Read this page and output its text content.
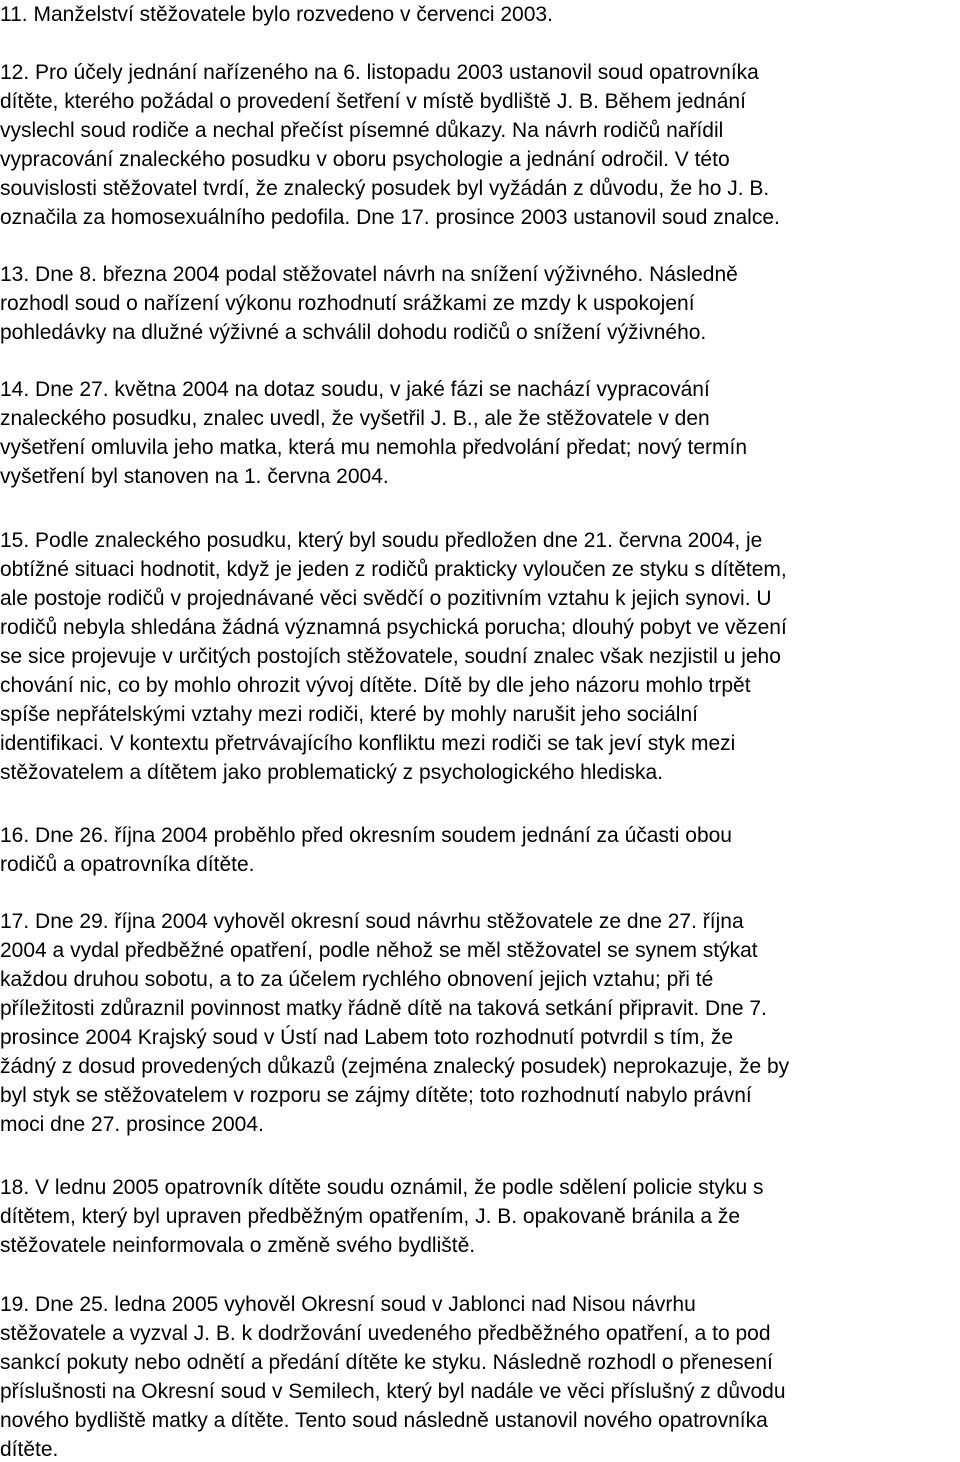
11. Manželství stěžovatele bylo rozvedeno v červenci 2003.

12. Pro účely jednání nařízeného na 6. listopadu 2003 ustanovil soud opatrovníka
dítěte, kterého požádal o provedení šetření v místě bydliště J. B. Během jednání
vyslechl soud rodiče a nechal přečíst písemné důkazy. Na návrh rodičů nařídil
vypracování znaleckého posudku v oboru psychologie a jednání odročil. V této
souvislosti stěžovatel tvrdí, že znalecký posudek byl vyžádán z důvodu, že ho J. B.
označila za homosexuálního pedofila. Dne 17. prosince 2003 ustanovil soud znalce.

13. Dne 8. března 2004 podal stěžovatel návrh na snížení výživného. Následně
rozhodl soud o nařízení výkonu rozhodnutí srážkami ze mzdy k uspokojení
pohledávky na dlužné výživné a schválil dohodu rodičů o snížení výživného.

14. Dne 27. května 2004 na dotaz soudu, v jaké fázi se nachází vypracování
znaleckého posudku, znalec uvedl, že vyšetřil J. B., ale že stěžovatele v den
vyšetření omluvila jeho matka, která mu nemohla předvolání předat; nový termín
vyšetření byl stanoven na 1. června 2004.

15. Podle znaleckého posudku, který byl soudu předložen dne 21. června 2004, je
obtížné situaci hodnotit, když je jeden z rodičů prakticky vyloučen ze styku s dítětem,
ale postoje rodičů v projednávané věci svědčí o pozitivním vztahu k jejich synovi. U
rodičů nebyla shledána žádná významná psychická porucha; dlouhý pobyt ve vězení
se sice projevuje v určitých postojích stěžovatele, soudní znalec však nezjistil u jeho
chování nic, co by mohlo ohrozit vývoj dítěte. Dítě by dle jeho názoru mohlo trpět
spíše nepřátelskými vztahy mezi rodiči, které by mohly narušit jeho sociální
identifikaci. V kontextu přetrvávajícího konfliktu mezi rodiči se tak jeví styk mezi
stěžovatelem a dítětem jako problematický z psychologického hlediska.

16. Dne 26. října 2004 proběhlo před okresním soudem jednání za účasti obou
rodičů a opatrovníka dítěte.

17. Dne 29. října 2004 vyhověl okresní soud návrhu stěžovatele ze dne 27. října
2004 a vydal předběžné opatření, podle něhož se měl stěžovatel se synem stýkat
každou druhou sobotu, a to za účelem rychlého obnovení jejich vztahu; při té
příležitosti zdůraznil povinnost matky řádně dítě na taková setkání připravit. Dne 7.
prosince 2004 Krajský soud v Ústí nad Labem toto rozhodnutí potvrdil s tím, že
žádný z dosud provedených důkazů (zejména znalecký posudek) neprokazuje, že by
byl styk se stěžovatelem v rozporu se zájmy dítěte; toto rozhodnutí nabylo právní
moci dne 27. prosince 2004.

18. V lednu 2005 opatrovník dítěte soudu oznámil, že podle sdělení policie styku s
dítětem, který byl upraven předběžným opatřením, J. B. opakovaně bránila a že
stěžovatele neinformovala o změně svého bydliště.

19. Dne 25. ledna 2005 vyhověl Okresní soud v Jablonci nad Nisou návrhu
stěžovatele a vyzval J. B. k dodržování uvedeného předběžného opatření, a to pod
sankcí pokuty nebo odnětí a předání dítěte ke styku. Následně rozhodl o přenesení
příslušnosti na Okresní soud v Semilech, který byl nadále ve věci příslušný z důvodu
nového bydliště matky a dítěte. Tento soud následně ustanovil nového opatrovníka
dítěte.
